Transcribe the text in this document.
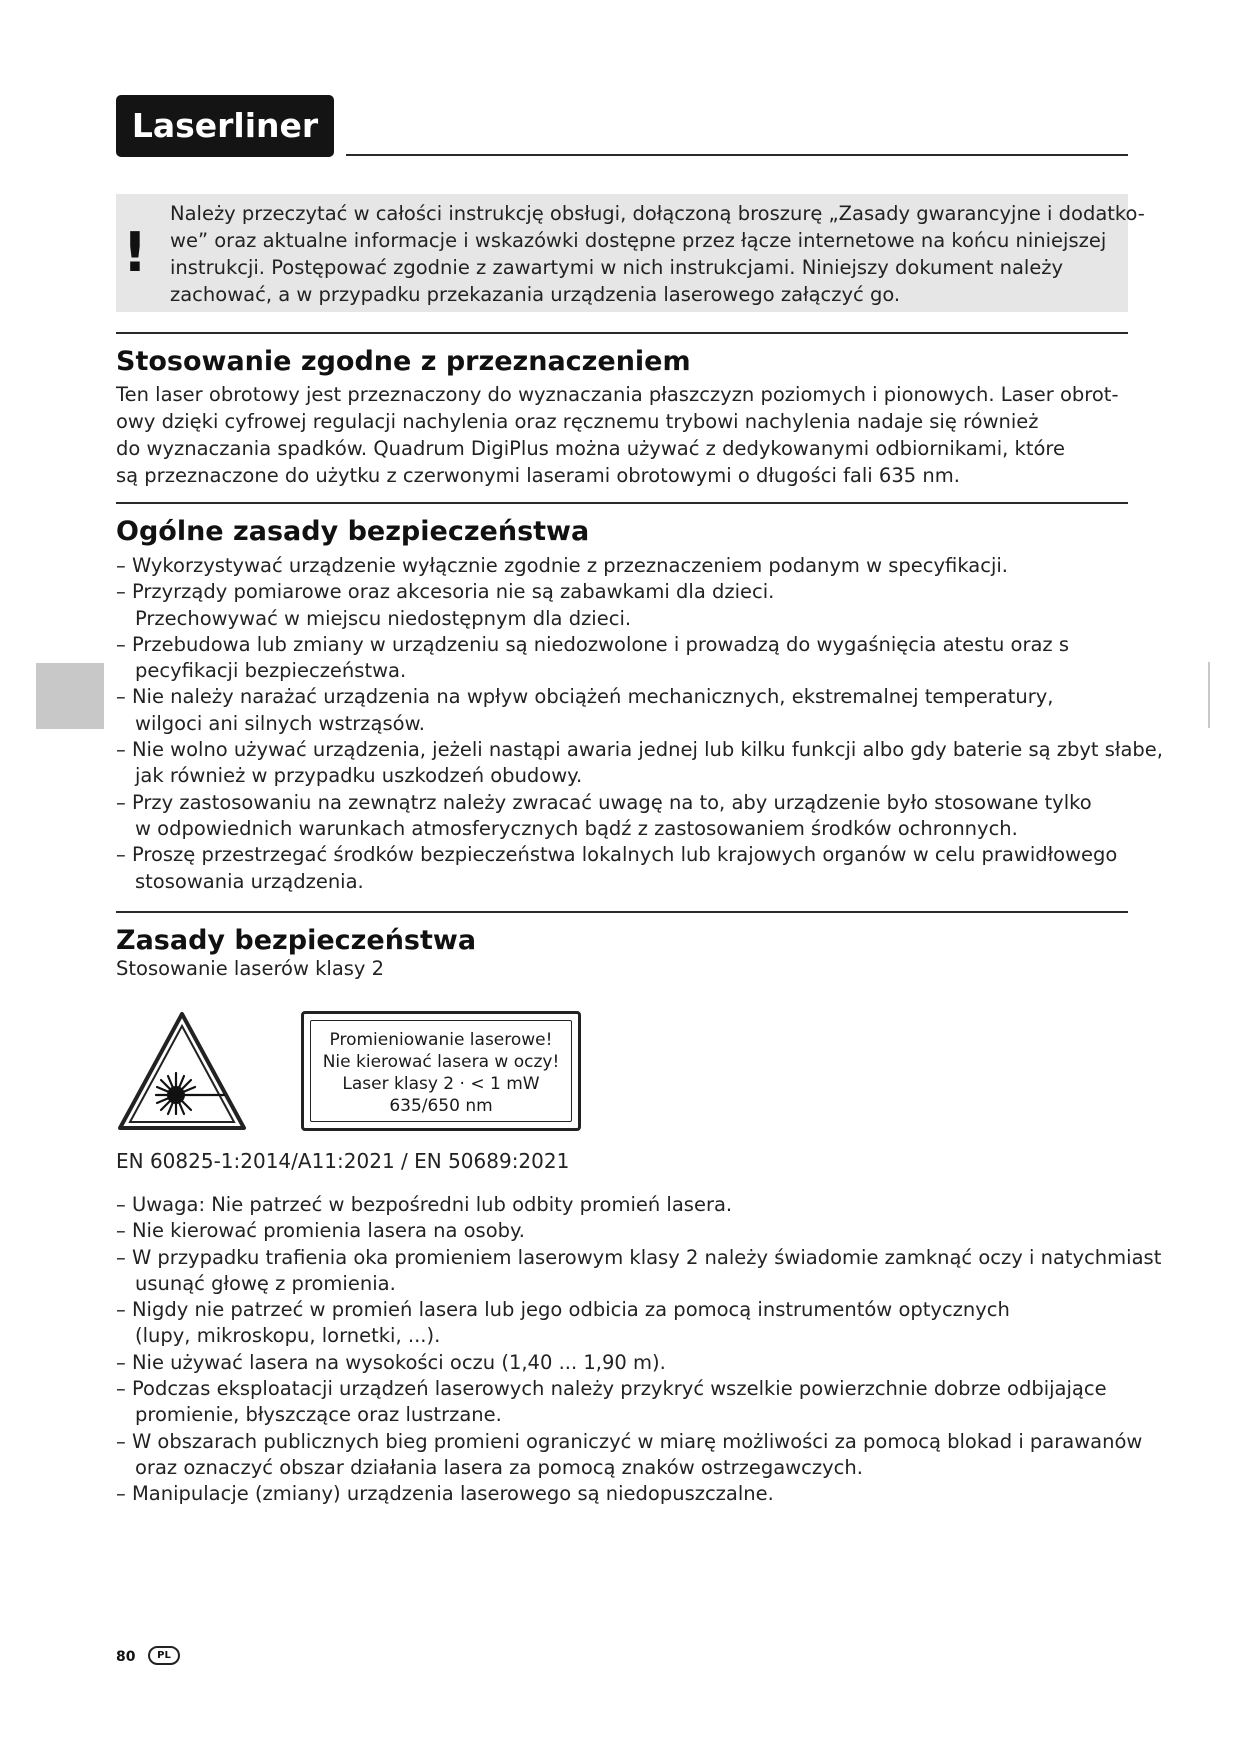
Laserliner
!
Należy przeczytać w całości instrukcję obsługi, dołączoną broszurę „Zasady gwarancyjne i dodatko-
we” oraz aktualne informacje i wskazówki dostępne przez łącze internetowe na końcu niniejszej
instrukcji. Postępować zgodnie z zawartymi w nich instrukcjami. Niniejszy dokument należy
zachować, a w przypadku przekazania urządzenia laserowego załączyć go.
Stosowanie zgodne z przeznaczeniem
Ten laser obrotowy jest przeznaczony do wyznaczania płaszczyzn poziomych i pionowych. Laser obrot-
owy dzięki cyfrowej regulacji nachylenia oraz ręcznemu trybowi nachylenia nadaje się również
do wyznaczania spadków. Quadrum DigiPlus można używać z dedykowanymi odbiornikami, które
są przeznaczone do użytku z czerwonymi laserami obrotowymi o długości fali 635 nm.
Ogólne zasady bezpieczeństwa
– Wykorzystywać urządzenie wyłącznie zgodnie z przeznaczeniem podanym w specyfikacji.
– Przyrządy pomiarowe oraz akcesoria nie są zabawkami dla dzieci.
Przechowywać w miejscu niedostępnym dla dzieci.
– Przebudowa lub zmiany w urządzeniu są niedozwolone i prowadzą do wygaśnięcia atestu oraz s
pecyfikacji bezpieczeństwa.
– Nie należy narażać urządzenia na wpływ obciążeń mechanicznych, ekstremalnej temperatury,
wilgoci ani silnych wstrząsów.
– Nie wolno używać urządzenia, jeżeli nastąpi awaria jednej lub kilku funkcji albo gdy baterie są zbyt słabe,
jak również w przypadku uszkodzeń obudowy.
– Przy zastosowaniu na zewnątrz należy zwracać uwagę na to, aby urządzenie było stosowane tylko
w odpowiednich warunkach atmosferycznych bądź z zastosowaniem środków ochronnych.
– Proszę przestrzegać środków bezpieczeństwa lokalnych lub krajowych organów w celu prawidłowego
stosowania urządzenia.
Zasady bezpieczeństwa
Stosowanie laserów klasy 2
Promieniowanie laserowe!
Nie kierować lasera w oczy!
Laser klasy 2 · < 1 mW
635/650 nm
EN 60825-1:2014/A11:2021 / EN 50689:2021
– Uwaga: Nie patrzeć w bezpośredni lub odbity promień lasera.
– Nie kierować promienia lasera na osoby.
– W przypadku trafienia oka promieniem laserowym klasy 2 należy świadomie zamknąć oczy i natychmiast
usunąć głowę z promienia.
– Nigdy nie patrzeć w promień lasera lub jego odbicia za pomocą instrumentów optycznych
(lupy, mikroskopu, lornetki, ...).
– Nie używać lasera na wysokości oczu (1,40 ... 1,90 m).
– Podczas eksploatacji urządzeń laserowych należy przykryć wszelkie powierzchnie dobrze odbijające
promienie, błyszczące oraz lustrzane.
– W obszarach publicznych bieg promieni ograniczyć w miarę możliwości za pomocą blokad i parawanów
oraz oznaczyć obszar działania lasera za pomocą znaków ostrzegawczych.
– Manipulacje (zmiany) urządzenia laserowego są niedopuszczalne.
80	PL
